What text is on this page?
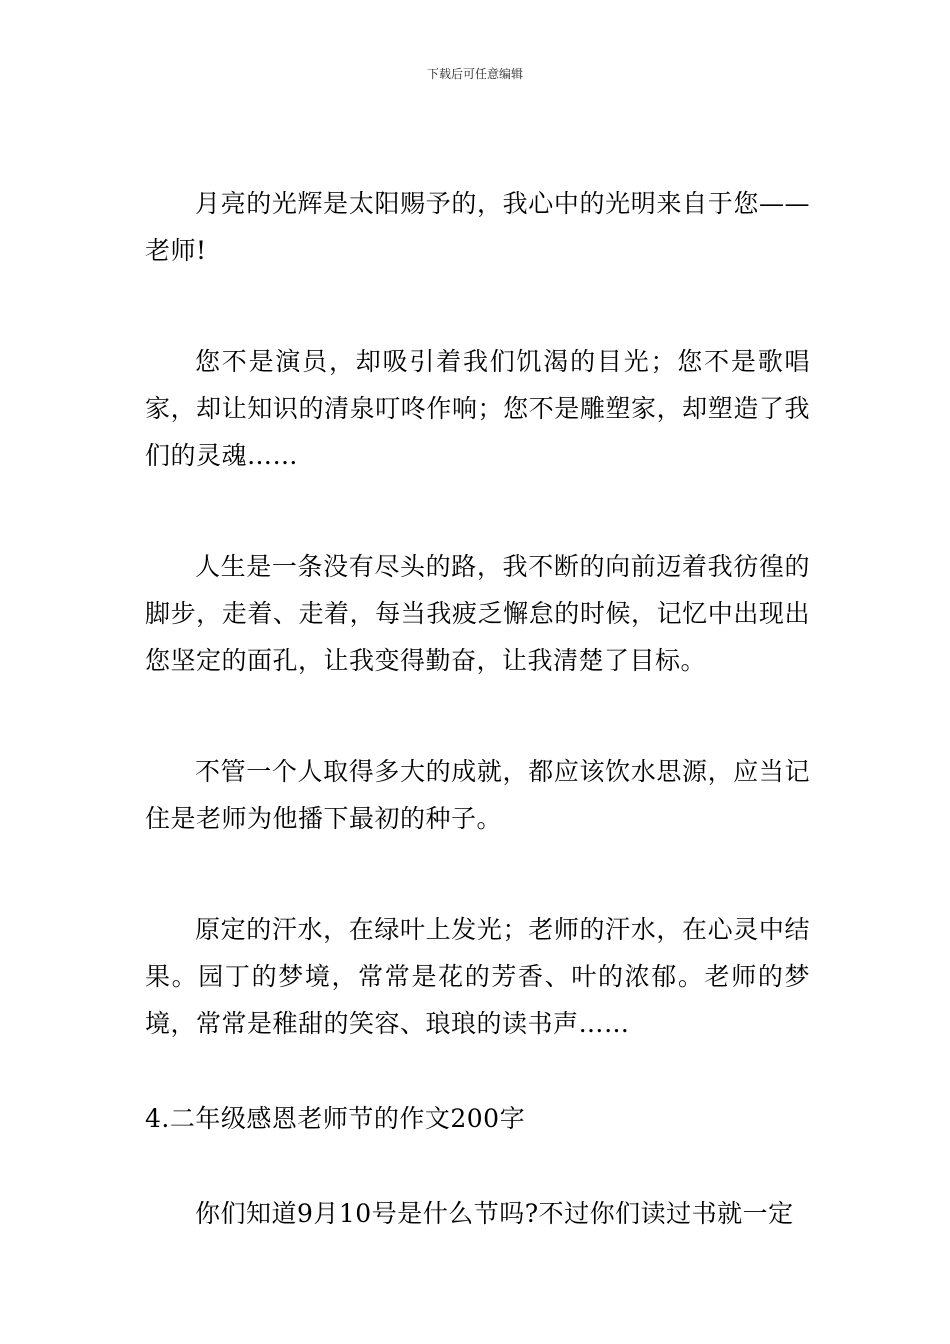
下载后可任意编辑

月亮的光辉是太阳赐予的，我心中的光明来自于您——老师!

您不是演员，却吸引着我们饥渴的目光；您不是歌唱家，却让知识的清泉叮咚作响；您不是雕塑家，却塑造了我们的灵魂……

人生是一条没有尽头的路，我不断的向前迈着我彷徨的脚步，走着、走着，每当我疲乏懈怠的时候，记忆中出现出您坚定的面孔，让我变得勤奋，让我清楚了目标。

不管一个人取得多大的成就，都应该饮水思源，应当记住是老师为他播下最初的种子。

原定的汗水，在绿叶上发光；老师的汗水，在心灵中结果。园丁的梦境，常常是花的芳香、叶的浓郁。老师的梦境，常常是稚甜的笑容、琅琅的读书声……

4.二年级感恩老师节的作文200字

你们知道9月10号是什么节吗?不过你们读过书就一定
